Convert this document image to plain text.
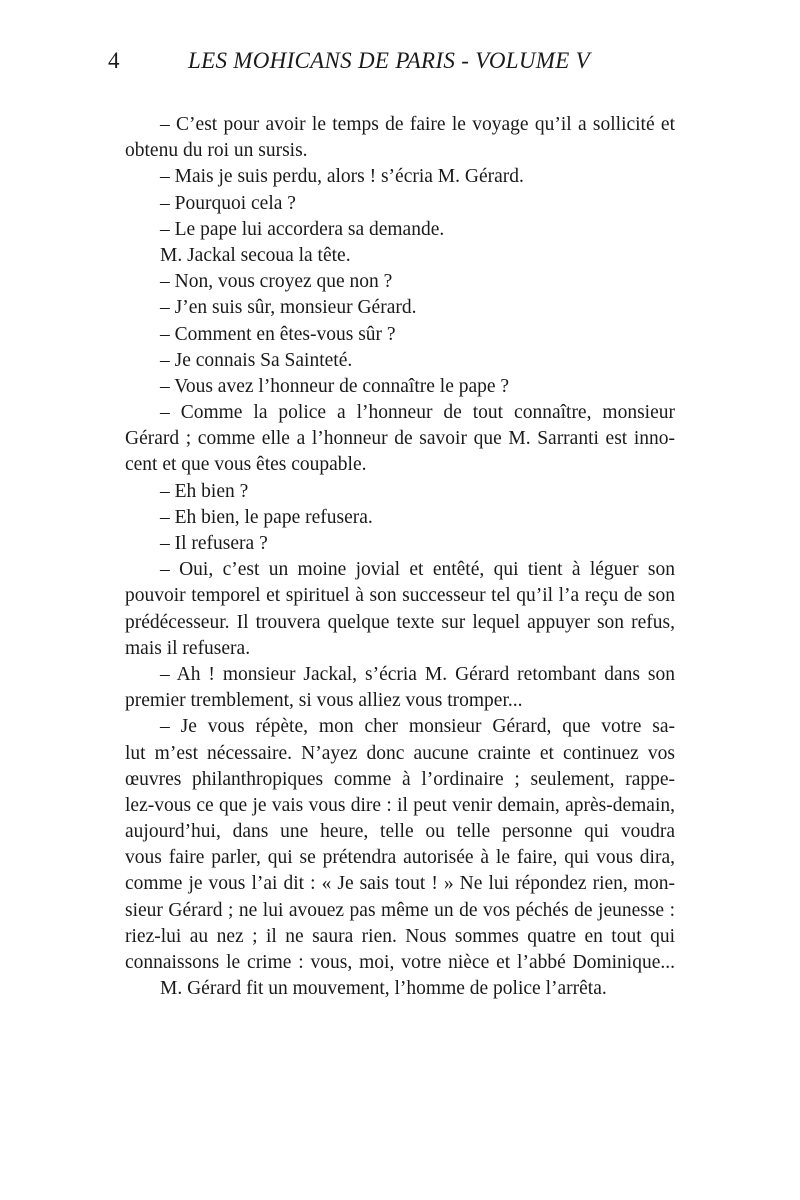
4	LES MOHICANS DE PARIS - VOLUME V
– C’est pour avoir le temps de faire le voyage qu’il a sollicité et
obtenu du roi un sursis.
– Mais je suis perdu, alors ! s’écria M. Gérard.
– Pourquoi cela ?
– Le pape lui accordera sa demande.
M. Jackal secoua la tête.
– Non, vous croyez que non ?
– J’en suis sûr, monsieur Gérard.
– Comment en êtes-vous sûr ?
– Je connais Sa Sainteté.
– Vous avez l’honneur de connaître le pape ?
– Comme la police a l’honneur de tout connaître, monsieur
Gérard ; comme elle a l’honneur de savoir que M. Sarranti est inno-
cent et que vous êtes coupable.
– Eh bien ?
– Eh bien, le pape refusera.
– Il refusera ?
– Oui, c’est un moine jovial et entêté, qui tient à léguer son
pouvoir temporel et spirituel à son successeur tel qu’il l’a reçu de son
prédécesseur. Il trouvera quelque texte sur lequel appuyer son refus,
mais il refusera.
– Ah ! monsieur Jackal, s’écria M. Gérard retombant dans son
premier tremblement, si vous alliez vous tromper...
– Je vous répète, mon cher monsieur Gérard, que votre sa-
lut m’est nécessaire. N’ayez donc aucune crainte et continuez vos
œuvres philanthropiques comme à l’ordinaire ; seulement, rappe-
lez-vous ce que je vais vous dire : il peut venir demain, après-demain,
aujourd’hui, dans une heure, telle ou telle personne qui voudra
vous faire parler, qui se prétendra autorisée à le faire, qui vous dira,
comme je vous l’ai dit : « Je sais tout ! » Ne lui répondez rien, mon-
sieur Gérard ; ne lui avouez pas même un de vos péchés de jeunesse :
riez-lui au nez ; il ne saura rien. Nous sommes quatre en tout qui
connaissons le crime : vous, moi, votre nièce et l’abbé Dominique...
M. Gérard fit un mouvement, l’homme de police l’arrêta.
